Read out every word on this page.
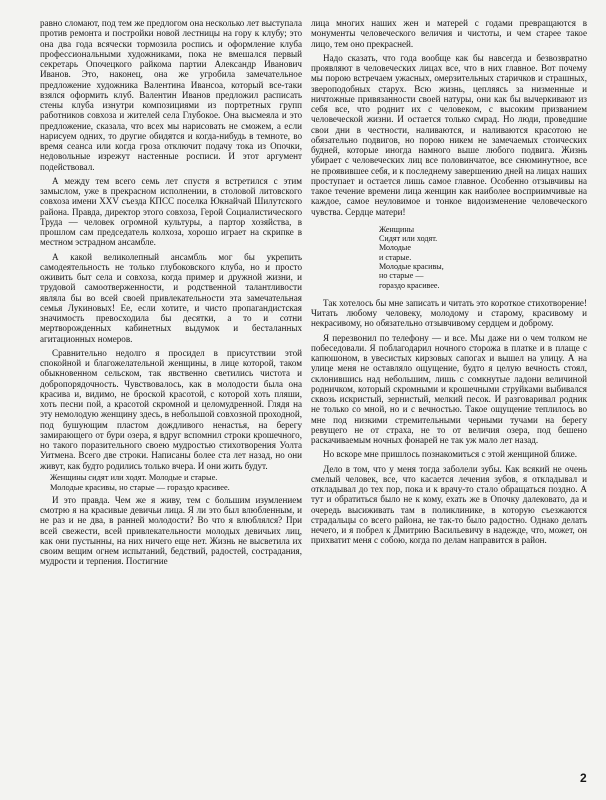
равно сломают, под тем же предлогом она несколько лет выступала против ремонта и постройки новой лестницы на гору к клубу; это она два года всячески тормозила роспись и оформление клуба профессиональными художниками, пока не вмешался первый секретарь Опочецкого райкома партии Александр Иванович Иванов. Это, наконец, она же угробила замечательное предложение художника Валентина Ивансоа, который все-таки взялся оформить клуб. Валентин Иванов предложил расписать стены клуба изнутри композициями из портретных групп работников совхоза и жителей села Глубокое. Она высмеяла и это предложение, сказала, что всех мы нарисовать не сможем, а если нарисуем одних, то другие обидятся и когда-нибудь в темноте, во время сеанса или когда гроза отключит подачу тока из Опочки, недовольные изрежут настенные росписи. И этот аргумент подействовал.

А между тем всего семь лет спустя я встретился с этим замыслом, уже в прекрасном исполнении, в столовой литовского совхоза имени XXV съезда КПСС поселка Юкнайчай Шилутского района. Правда, директор этого совхоза, Герой Социалистического Труда — человек огромной культуры, а партор хозяйства, в прошлом сам председатель колхоза, хорошо играет на скрипке в местном эстрадном ансамбле.

А какой великолепный ансамбль мог бы укрепить самодеятельность не только глубоковского клуба, но и просто оживить быт села и совхоза, когда пример и дружной жизни, и трудовой самоотверженности, и родственной талантливости являла бы во всей своей привлекательности эта замечательная семья Лукиновых! Ее, если хотите, и чисто пропагандистская значимость превосходила бы десятки, а то и сотни мертворожденных кабинетных выдумок и бесталанных агитационных номеров.

Сравнительно недолго я просидел в присутствии этой спокойной и благожелательной женщины, в лице которой, таком обыкновенном сельском, так явственно светились чистота и добропорядочность. Чувствовалось, как в молодости была она красива и, видимо, не броской красотой, с которой хоть пляши, хоть песни пой, а красотой скромной и целомудренной. Глядя на эту немолодую женщину здесь, в небольшой совхозной проходной, под бушующим пластом дождливого ненастья, на берегу замирающего от бури озера, я вдруг вспомнил строки крошечного, но такого поразительного своею мудростью стихотворения Уолта Уитмена. Всего две строки. Написаны более ста лет назад, но они живут, как будто родились только вчера. И они жить будут.

Женщины сидят или ходят. Молодые и старые.
Молодые красивы, но старые — гораздо красивее.

И это правда. Чем же я живу, тем с большим изумлением смотрю я на красивые девичьи лица. Я ли это был влюбленным, и не раз и не два, в ранней молодости? Во что я влюблялся? При всей свежести, всей привлекательности молодых девичьих лиц, как они пустынны, на них ничего еще нет. Жизнь не высветила их своим вещим огнем испытаний, бедствий, радостей, сострадания, мудрости и терпения. Постигние

лица многих наших жен и матерей с годами превращаются в монументы человеческого величия и чистоты, и чем старее такое лицо, тем оно прекрасней.

Надо сказать, что года вообще как бы навсегда и безвозвратно проявляют в человеческих лицах все, что в них главное. Вот почему мы порою встречаем ужасных, омерзительных старичков и страшных, звероподобных старух. Всю жизнь, цепляясь за низменные и ничтожные привязанности своей натуры, они как бы вычеркивают из себя все, что роднит их с человеком, с высоким призванием человеческой жизни. И остается только смрад. Но люди, проведшие свои дни в честности, наливаются, и наливаются красотою не обязательно подвигов, но порою никем не замечаемых стоических будней, которые иногда намного выше любого подвига. Жизнь убирает с человеческих лиц все половинчатое, все снюминутное, все не проявившее себя, и к последнему завершению дней на лицах наших проступает и остается лишь самое главное. Особенно отзывчивы на такое течение времени лица женщин как наиболее восприимчивые на каждое, самое неуловимое и тонкое видоизменение человеческого чувства. Сердце матери!

Женщины
Сидят или ходят.
Молодые
и старые.
Молодые красивы,
но старые —
гораздо красивее.

Так хотелось бы мне записать и читать это короткое стихотворение! Читать любому человеку, молодому и старому, красивому и некрасивому, но обязательно отзывчивому сердцем и доброму.

Я перезвонил по телефону — и все. Мы даже ни о чем толком не побеседовали. Я поблагодарил ночного сторожа в платке и в плаще с капюшоном, в увесистых кирзовых сапогах и вышел на улицу. А на улице меня не оставляло ощущение, будто я целую вечность стоял, склонившись над небольшим, лишь с сомкнутые ладони величиной родничком, который скромными и крошечными струйками выбивался сквозь искристый, зернистый, мелкий песок. И разговаривал родник не только со мной, но и с вечностью. Такое ощущение теплилось во мне под низкими стремительными черными тучами на берегу ревущего не от страха, не то от величия озера, под бешено раскачиваемым ночных фонарей не так уж мало лет назад.

Но вскоре мне пришлось познакомиться с этой женщиной ближе.

Дело в том, что у меня тогда заболели зубы. Как всякий не очень смелый человек, все, что касается лечения зубов, я откладывал и откладывал до тех пор, пока и к врачу-то стало обращаться поздно. А тут и обратиться было не к кому, ехать же в Опочку далековато, да и очередь высиживать там в поликлинике, в которую съезжаются страдальцы со всего района, не так-то было радостно. Однако делать нечего, и я побрел к Дмитрию Васильевичу в надежде, что, может, он прихватит меня с собою, когда по делам направится в район.

2
